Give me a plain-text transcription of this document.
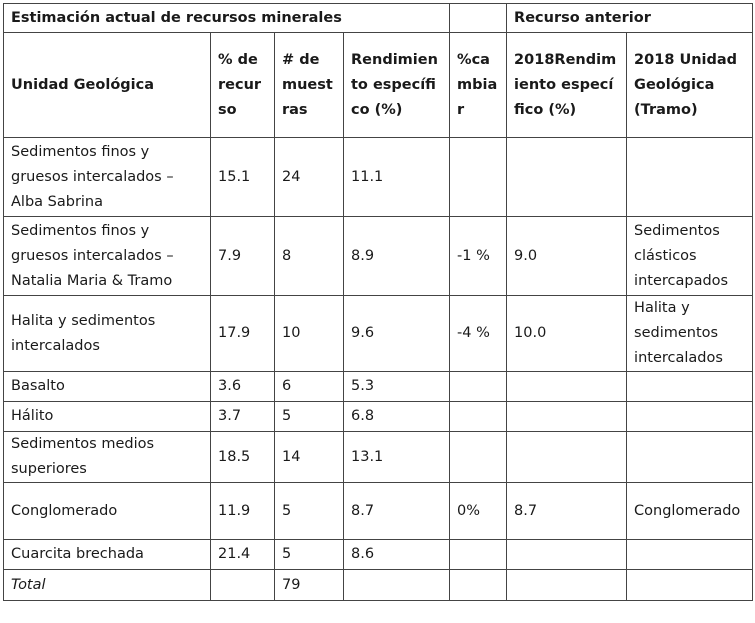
Estimación actual de recursos minerales					Recurso anterior	
Unidad Geológica	% de recurso	# de muestras	Rendimiento específico (%)	%cambiar	2018Rendimiento específico (%)	2018 Unidad Geológica (Tramo)
Sedimentos finos y gruesos intercalados – Alba Sabrina	15.1	24	11.1			
Sedimentos finos y gruesos intercalados – Natalia Maria & Tramo	7.9	8	8.9	-1 %	9.0	Sedimentos clásticos intercapados
Halita y sedimentos intercalados	17.9	10	9.6	-4 %	10.0	Halita y sedimentos intercalados
Basalto	3.6	6	5.3			
Hálito	3.7	5	6.8			
Sedimentos medios superiores	18.5	14	13.1			
Conglomerado	11.9	5	8.7	0%	8.7	Conglomerado
Cuarcita brechada	21.4	5	8.6			
Total		79				
